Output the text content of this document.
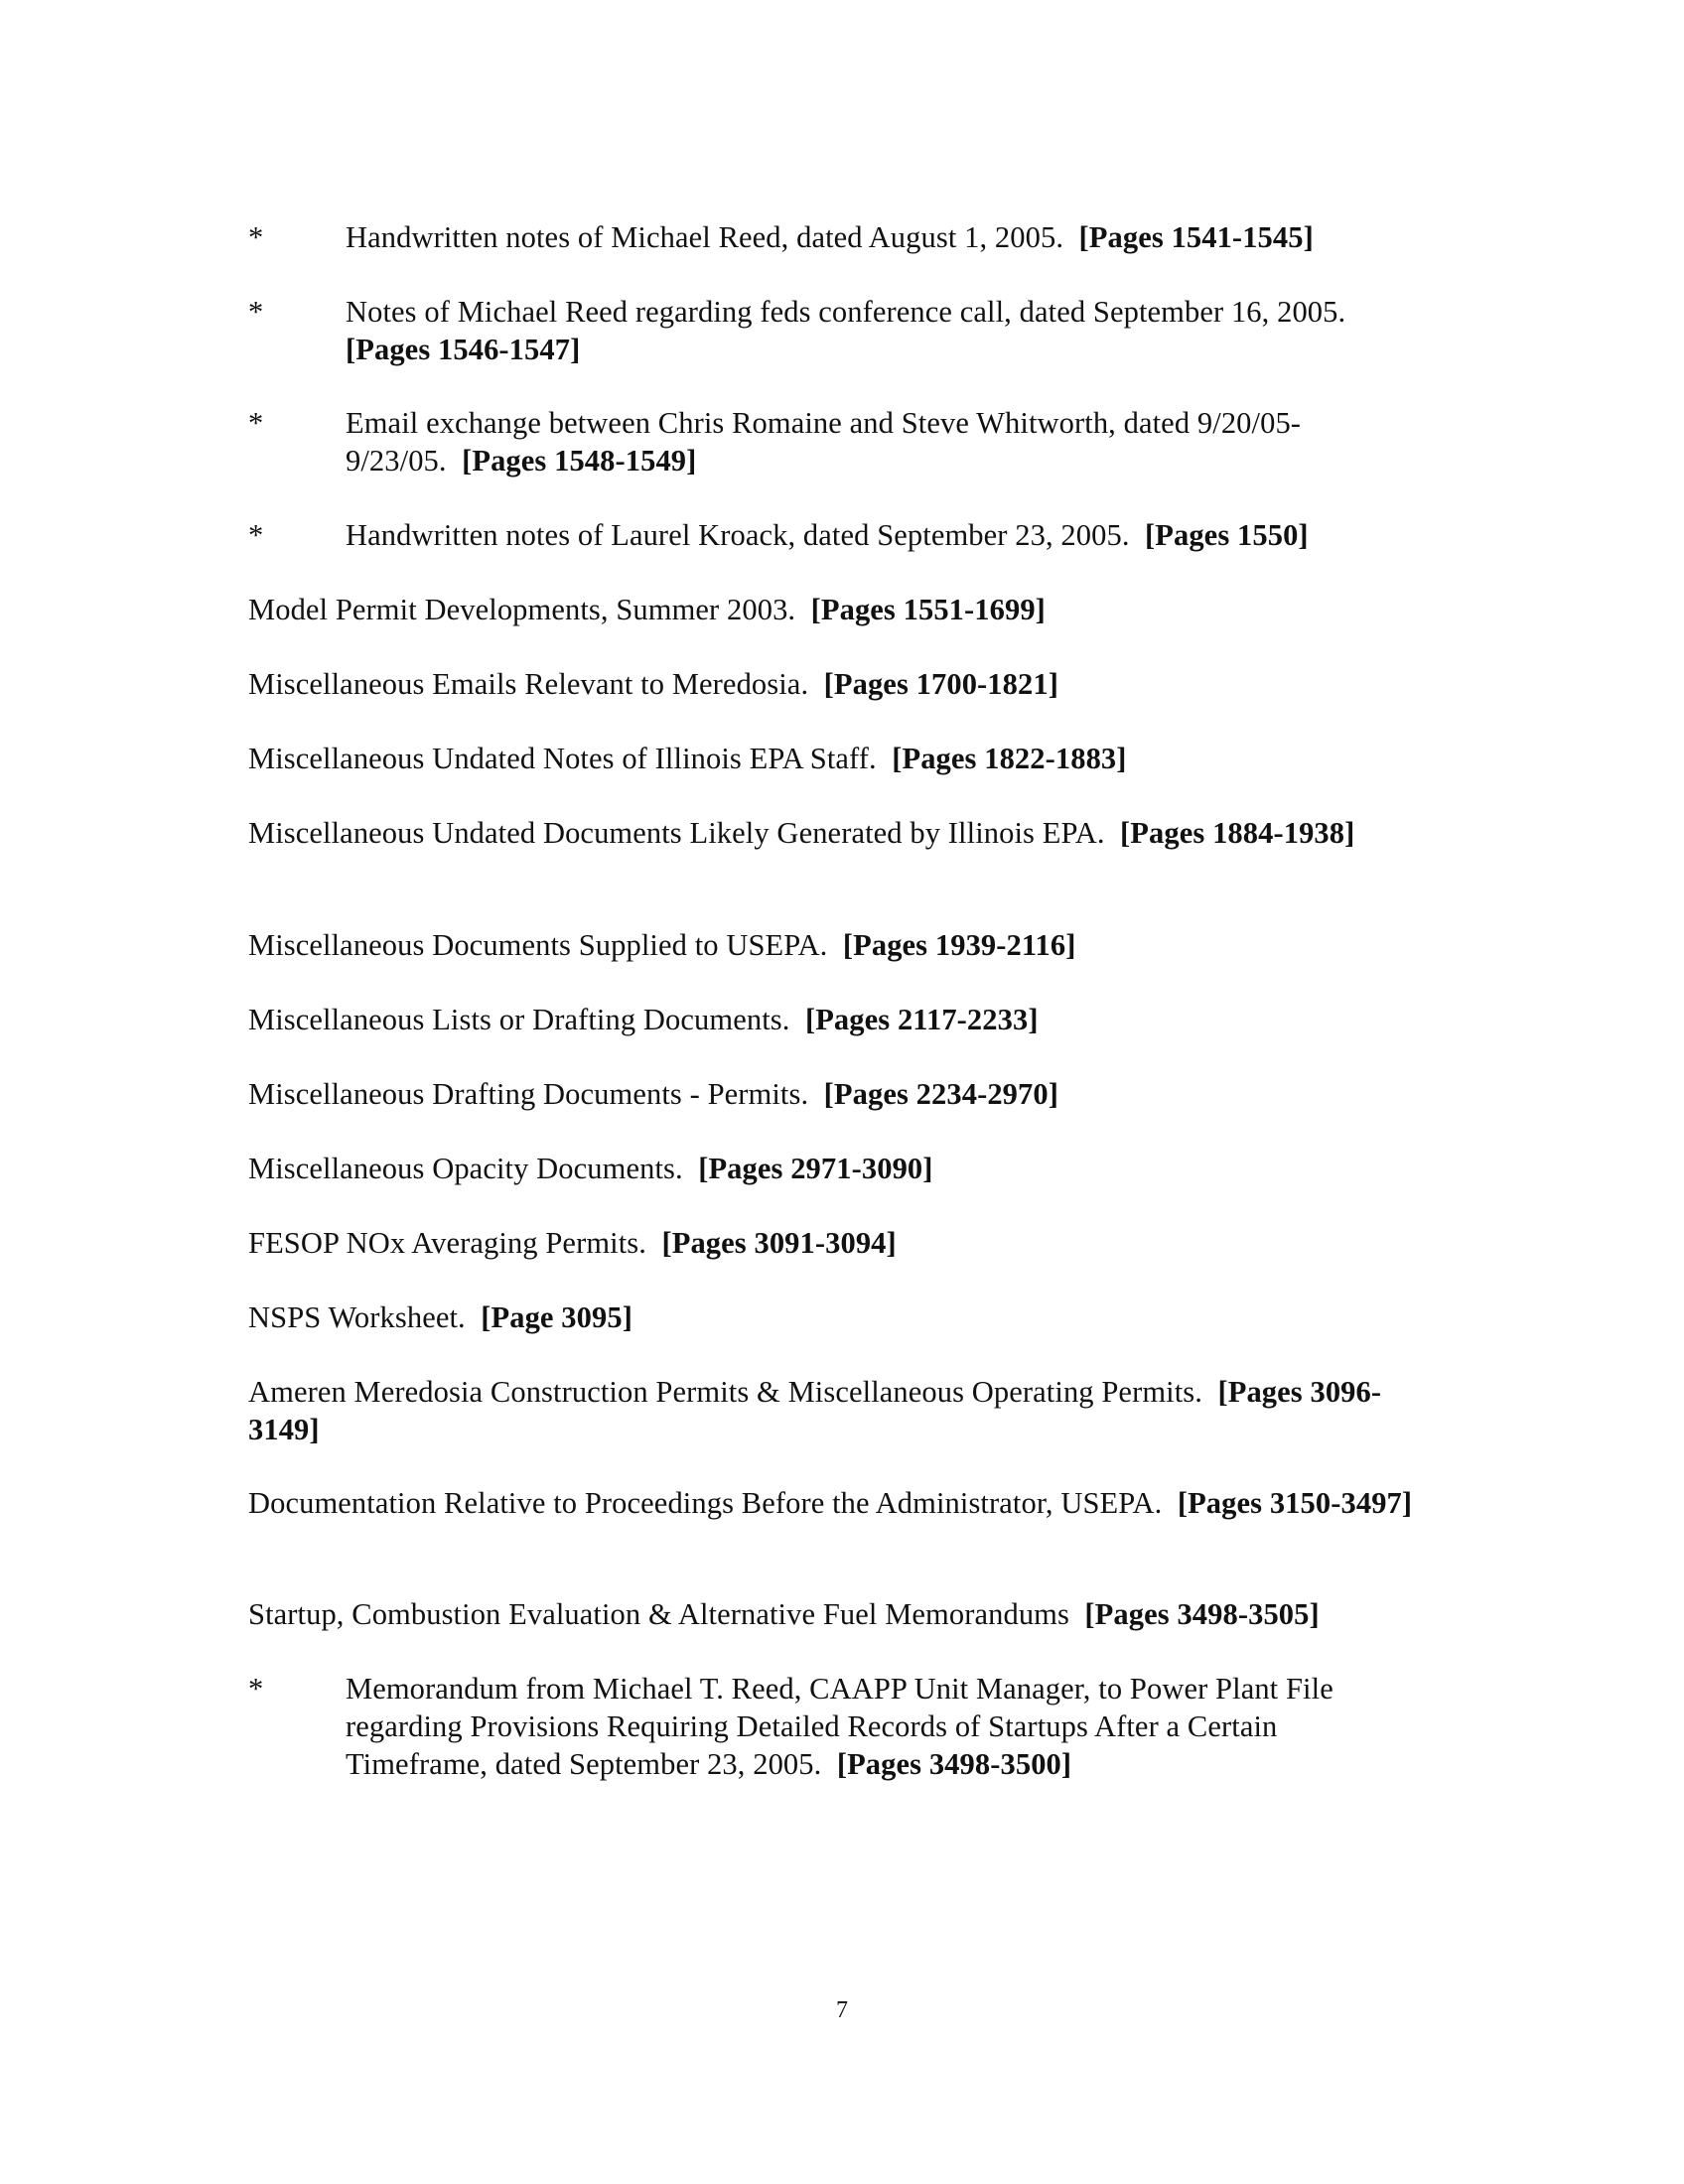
*	Handwritten notes of Michael Reed, dated August 1, 2005. [Pages 1541-1545]
*	Notes of Michael Reed regarding feds conference call, dated September 16, 2005.
[Pages 1546-1547]
*	Email exchange between Chris Romaine and Steve Whitworth, dated 9/20/05-9/23/05. [Pages 1548-1549]
*	Handwritten notes of Laurel Kroack, dated September 23, 2005. [Pages 1550]
Model Permit Developments, Summer 2003. [Pages 1551-1699]
Miscellaneous Emails Relevant to Meredosia. [Pages 1700-1821]
Miscellaneous Undated Notes of Illinois EPA Staff. [Pages 1822-1883]
Miscellaneous Undated Documents Likely Generated by Illinois EPA. [Pages 1884-1938]
Miscellaneous Documents Supplied to USEPA. [Pages 1939-2116]
Miscellaneous Lists or Drafting Documents. [Pages 2117-2233]
Miscellaneous Drafting Documents - Permits. [Pages 2234-2970]
Miscellaneous Opacity Documents. [Pages 2971-3090]
FESOP NOx Averaging Permits. [Pages 3091-3094]
NSPS Worksheet. [Page 3095]
Ameren Meredosia Construction Permits & Miscellaneous Operating Permits. [Pages 3096-3149]
Documentation Relative to Proceedings Before the Administrator, USEPA. [Pages 3150-3497]
Startup, Combustion Evaluation & Alternative Fuel Memorandums [Pages 3498-3505]
*	Memorandum from Michael T. Reed, CAAPP Unit Manager, to Power Plant File regarding Provisions Requiring Detailed Records of Startups After a Certain Timeframe, dated September 23, 2005. [Pages 3498-3500]
7
